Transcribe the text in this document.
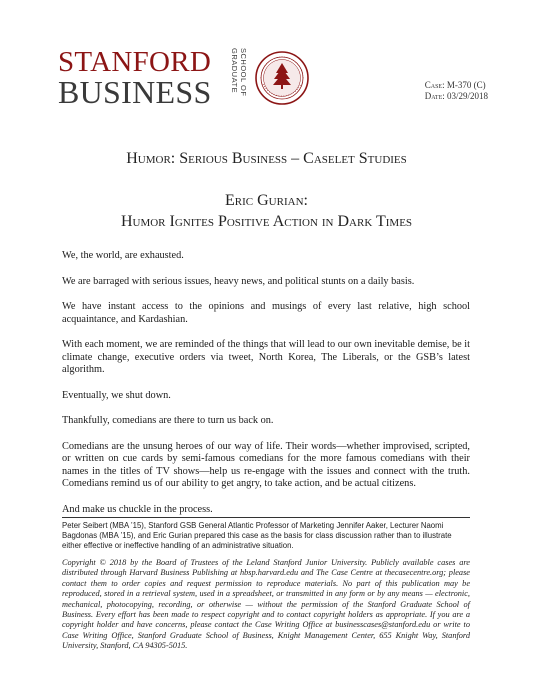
STANFORD
BUSINESS GRADUATE SCHOOL OF	Case: M-370 (C)
Date: 03/29/2018
Humor: Serious Business – Caselet Studies
Eric Gurian:
Humor Ignites Positive Action in Dark Times

We, the world, are exhausted.

We are barraged with serious issues, heavy news, and political stunts on a daily basis.

We have instant access to the opinions and musings of every last relative, high school acquaintance, and Kardashian.

With each moment, we are reminded of the things that will lead to our own inevitable demise, be it climate change, executive orders via tweet, North Korea, The Liberals, or the GSB’s latest algorithm.

Eventually, we shut down.

Thankfully, comedians are there to turn us back on.

Comedians are the unsung heroes of our way of life. Their words—whether improvised, scripted, or written on cue cards by semi-famous comedians for the more famous comedians with their names in the titles of TV shows—help us re-engage with the issues and connect with the truth. Comedians remind us of our ability to get angry, to take action, and be actual citizens.

And make us chuckle in the process.

Peter Seibert (MBA ’15), Stanford GSB General Atlantic Professor of Marketing Jennifer Aaker, Lecturer Naomi Bagdonas (MBA ’15), and Eric Gurian prepared this case as the basis for class discussion rather than to illustrate either effective or ineffective handling of an administrative situation.
Copyright © 2018 by the Board of Trustees of the Leland Stanford Junior University. Publicly available cases are distributed through Harvard Business Publishing at hbsp.harvard.edu and The Case Centre at thecasecentre.org; please contact them to order copies and request permission to reproduce materials. No part of this publication may be reproduced, stored in a retrieval system, used in a spreadsheet, or transmitted in any form or by any means — electronic, mechanical, photocopying, recording, or otherwise — without the permission of the Stanford Graduate School of Business. Every effort has been made to respect copyright and to contact copyright holders as appropriate. If you are a copyright holder and have concerns, please contact the Case Writing Office at businesscases@stanford.edu or write to Case Writing Office, Stanford Graduate School of Business, Knight Management Center, 655 Knight Way, Stanford University, Stanford, CA 94305-5015.
